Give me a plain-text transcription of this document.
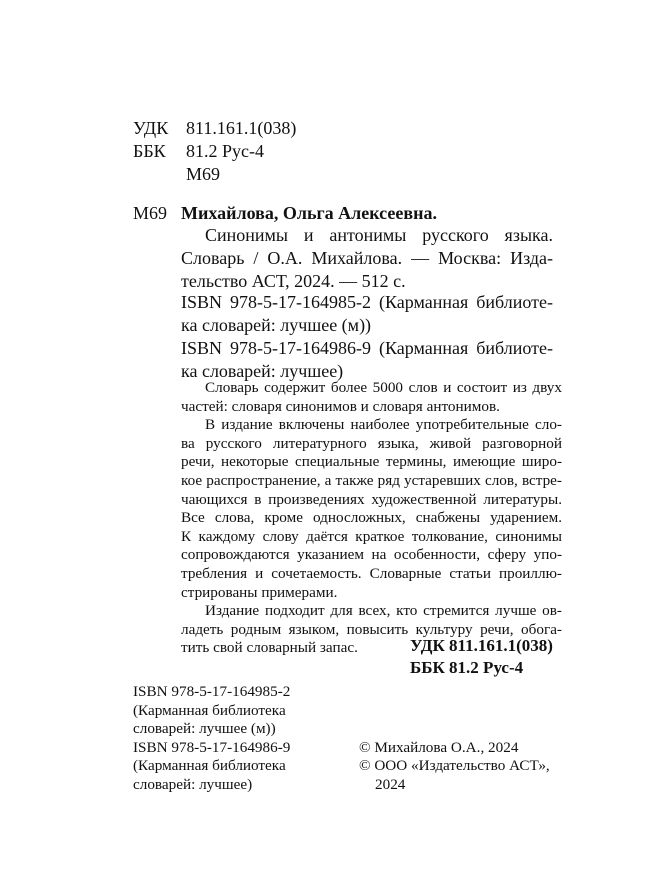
УДК 811.161.1(038)
ББК 81.2 Рус-4
М69
М69 Михайлова, Ольга Алексеевна.
Синонимы и антонимы русского языка.
Словарь / О.А. Михайлова. — Москва: Изда-
тельство АСТ, 2024. — 512 с.
ISBN 978-5-17-164985-2 (Карманная библиоте-
ка словарей: лучшее (м))
ISBN 978-5-17-164986-9 (Карманная библиоте-
ка словарей: лучшее)
Словарь содержит более 5000 слов и состоит из двух
частей: словаря синонимов и словаря антонимов.
В издание включены наиболее употребительные сло-
ва русского литературного языка, живой разговорной
речи, некоторые специальные термины, имеющие широ-
кое распространение, а также ряд устаревших слов, встре-
чающихся в произведениях художественной литературы.
Все слова, кроме односложных, снабжены ударением.
К каждому слову даётся краткое толкование, синонимы
сопровождаются указанием на особенности, сферу упо-
требления и сочетаемость. Словарные статьи проиллю-
стрированы примерами.
Издание подходит для всех, кто стремится лучше ов-
ладеть родным языком, повысить культуру речи, обога-
тить свой словарный запас.	УДК 811.161.1(038)
ББК 81.2 Рус-4
ISBN 978-5-17-164985-2
(Карманная библиотека
словарей: лучшее (м))
ISBN 978-5-17-164986-9
(Карманная библиотека
словарей: лучшее)
© Михайлова О.А., 2024
© ООО «Издательство АСТ»,
2024
